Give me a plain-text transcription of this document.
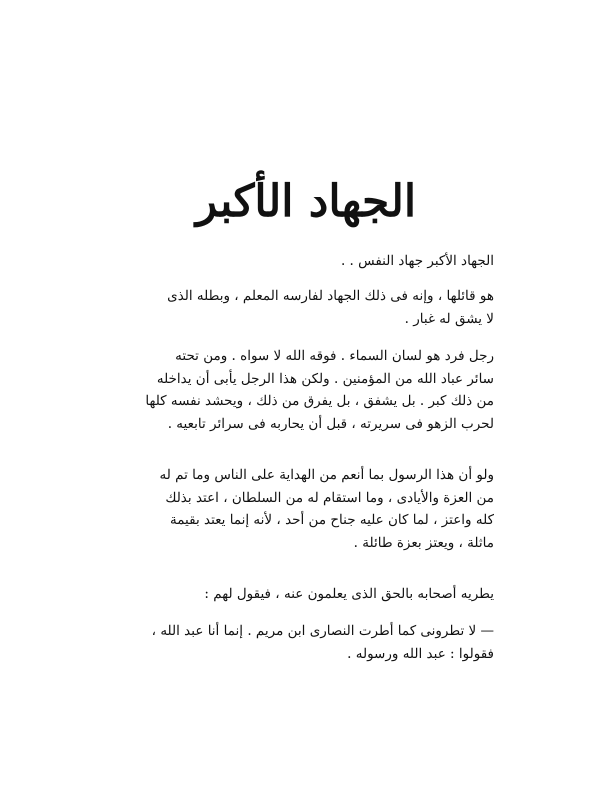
الجهاد الأكبر

الجهاد الأكبر جهاد النفس . .

هو قائلها ، وإنه فى ذلك الجهاد لفارسه المعلم ، وبطله الذى
لا يشق له غبار .

رجل فرد هو لسان السماء . فوقه الله لا سواه . ومن تحته
سائر عباد الله من المؤمنين . ولكن هذا الرجل يأبى أن يداخله
من ذلك كبر . بل يشفق ، بل يفرق من ذلك ، ويحشد نفسه كلها
لحرب الزهو فى سريرته ، قبل أن يحاربه فى سرائر تابعيه .

ولو أن هذا الرسول بما أنعم من الهداية على الناس وما تم له
من العزة والأيادى ، وما استقام له من السلطان ، اعتد بذلك
كله واعتز ، لما كان عليه جناح من أحد ، لأنه إنما يعتد بقيمة
ماثلة ، ويعتز بعزة طائلة .

يطريه أصحابه بالحق الذى يعلمون عنه ، فيقول لهم :

— لا تطرونى كما أطرت النصارى ابن مريم . إنما أنا عبد الله ،
فقولوا : عبد الله ورسوله .
